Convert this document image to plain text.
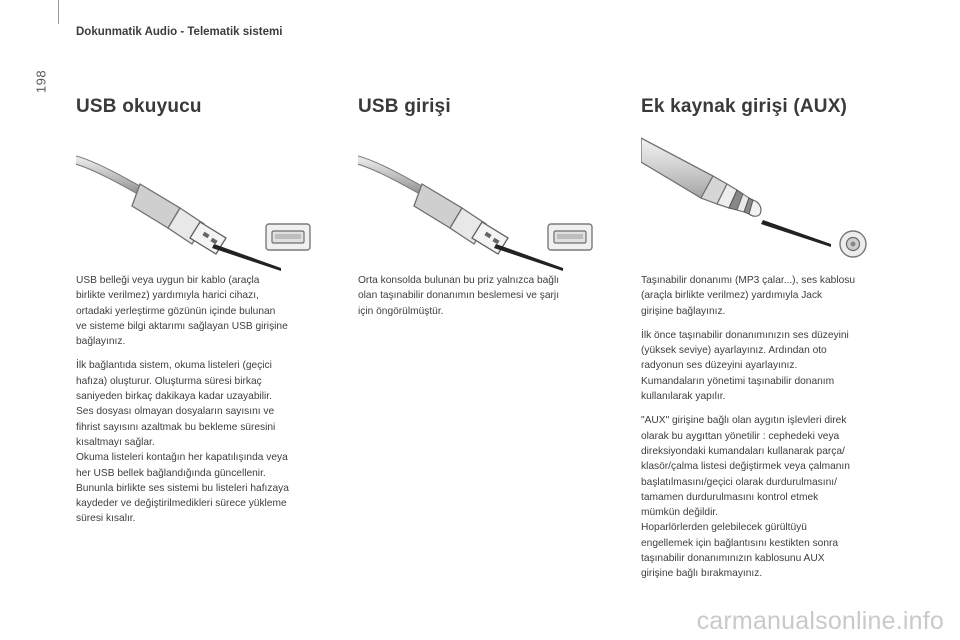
198
Dokunmatik Audio - Telematik sistemi
USB okuyucu

USB belleği veya uygun bir kablo (araçla
birlikte verilmez) yardımıyla harici cihazı,
ortadaki yerleştirme gözünün içinde bulunan
ve sisteme bilgi aktarımı sağlayan USB girişine
bağlayınız.

İlk bağlantıda sistem, okuma listeleri (geçici
hafıza) oluşturur. Oluşturma süresi birkaç
saniyeden birkaç dakikaya kadar uzayabilir.
Ses dosyası olmayan dosyaların sayısını ve
fihrist sayısını azaltmak bu bekleme süresini
kısaltmayı sağlar.
Okuma listeleri kontağın her kapatılışında veya
her USB bellek bağlandığında güncellenir.
Bununla birlikte ses sistemi bu listeleri hafızaya
kaydeder ve değiştirilmedikleri sürece yükleme
süresi kısalır.

USB girişi

Orta konsolda bulunan bu priz yalnızca bağlı
olan taşınabilir donanımın beslemesi ve şarjı
için öngörülmüştür.

Ek kaynak girişi (AUX)

Taşınabilir donanımı (MP3 çalar...), ses kablosu
(araçla birlikte verilmez) yardımıyla Jack
girişine bağlayınız.

İlk önce taşınabilir donanımınızın ses düzeyini
(yüksek seviye) ayarlayınız. Ardından oto
radyonun ses düzeyini ayarlayınız.
Kumandaların yönetimi taşınabilir donanım
kullanılarak yapılır.

"AUX" girişine bağlı olan aygıtın işlevleri direk
olarak bu aygıttan yönetilir : cephedeki veya
direksiyondaki kumandaları kullanarak parça/
klasör/çalma listesi değiştirmek veya çalmanın
başlatılmasını/geçici olarak durdurulmasını/
tamamen durdurulmasını kontrol etmek
mümkün değildir.
Hoparlörlerden gelebilecek gürültüyü
engellemek için bağlantısını kestikten sonra
taşınabilir donanımınızın kablosunu AUX
girişine bağlı bırakmayınız.

carmanualsonline.info
